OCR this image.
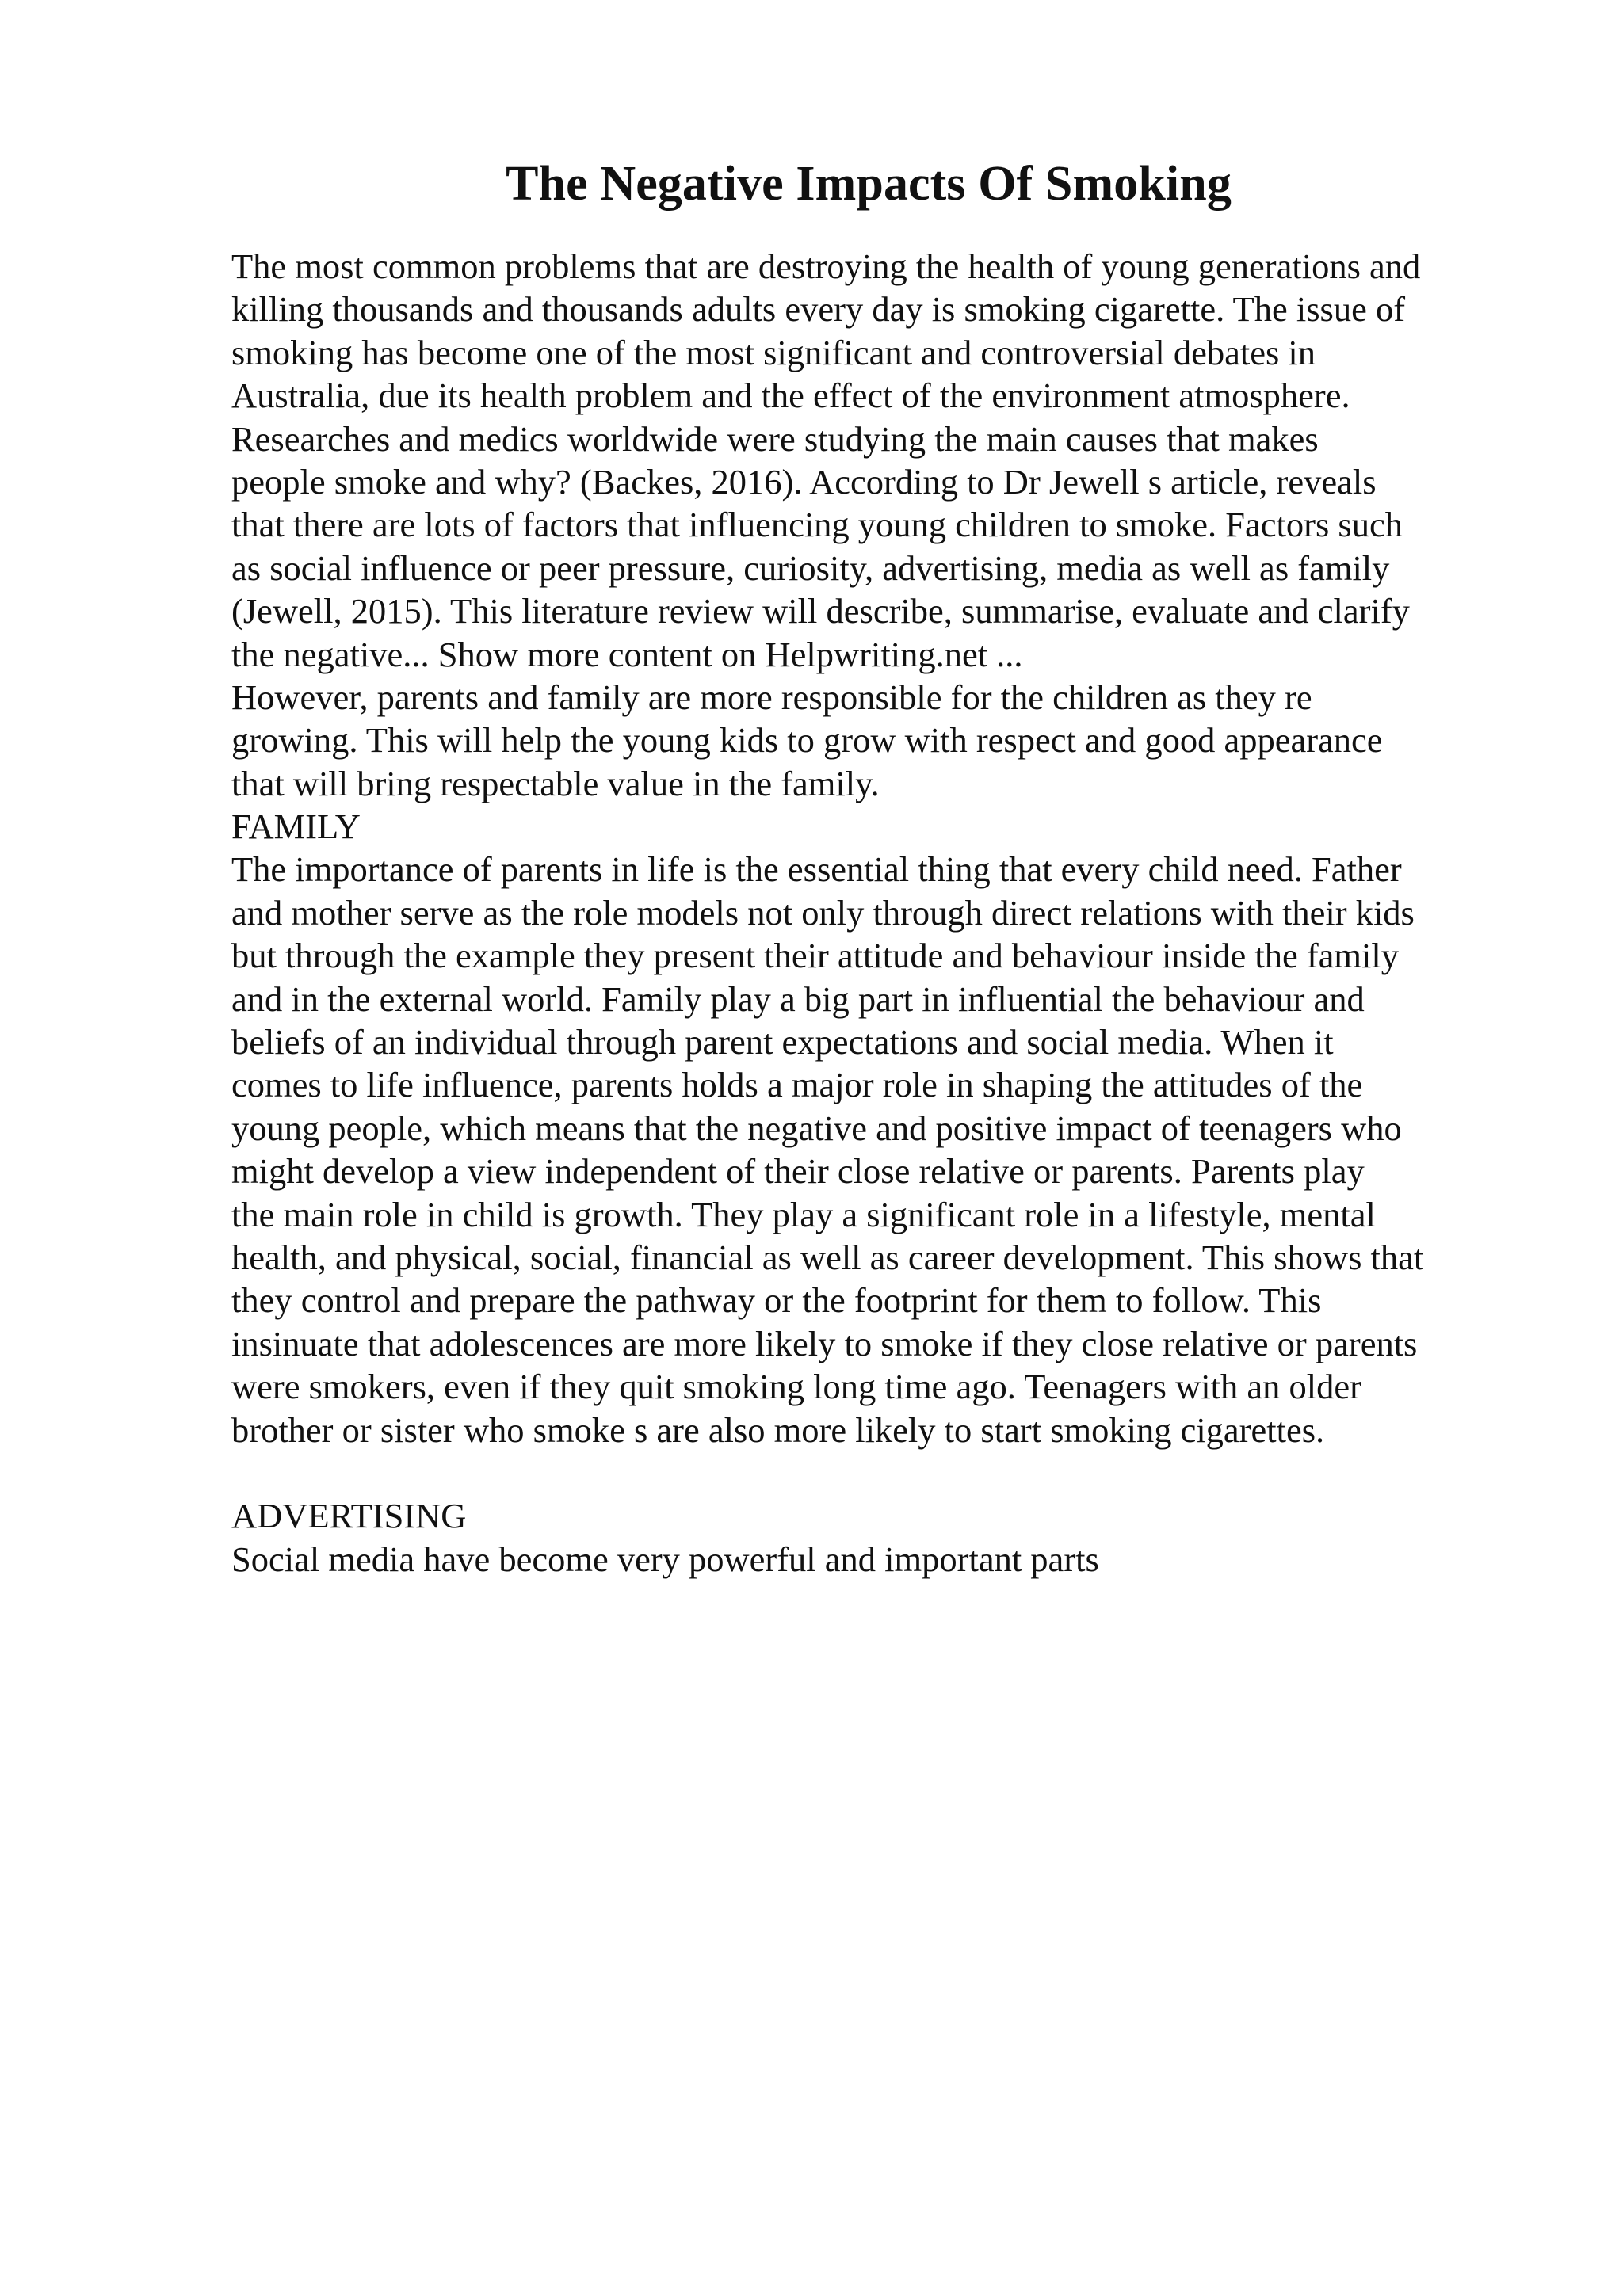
The Negative Impacts Of Smoking
The most common problems that are destroying the health of young generations and
killing thousands and thousands adults every day is smoking cigarette. The issue of
smoking has become one of the most significant and controversial debates in
Australia, due its health problem and the effect of the environment atmosphere.
Researches and medics worldwide were studying the main causes that makes
people smoke and why? (Backes, 2016). According to Dr Jewell s article, reveals
that there are lots of factors that influencing young children to smoke. Factors such
as social influence or peer pressure, curiosity, advertising, media as well as family
(Jewell, 2015). This literature review will describe, summarise, evaluate and clarify
the negative... Show more content on Helpwriting.net ...
However, parents and family are more responsible for the children as they re
growing. This will help the young kids to grow with respect and good appearance
that will bring respectable value in the family.
FAMILY
The importance of parents in life is the essential thing that every child need. Father
and mother serve as the role models not only through direct relations with their kids
but through the example they present their attitude and behaviour inside the family
and in the external world. Family play a big part in influential the behaviour and
beliefs of an individual through parent expectations and social media. When it
comes to life influence, parents holds a major role in shaping the attitudes of the
young people, which means that the negative and positive impact of teenagers who
might develop a view independent of their close relative or parents. Parents play
the main role in child is growth. They play a significant role in a lifestyle, mental
health, and physical, social, financial as well as career development. This shows that
they control and prepare the pathway or the footprint for them to follow. This
insinuate that adolescences are more likely to smoke if they close relative or parents
were smokers, even if they quit smoking long time ago. Teenagers with an older
brother or sister who smoke s are also more likely to start smoking cigarettes.
ADVERTISING
Social media have become very powerful and important parts
